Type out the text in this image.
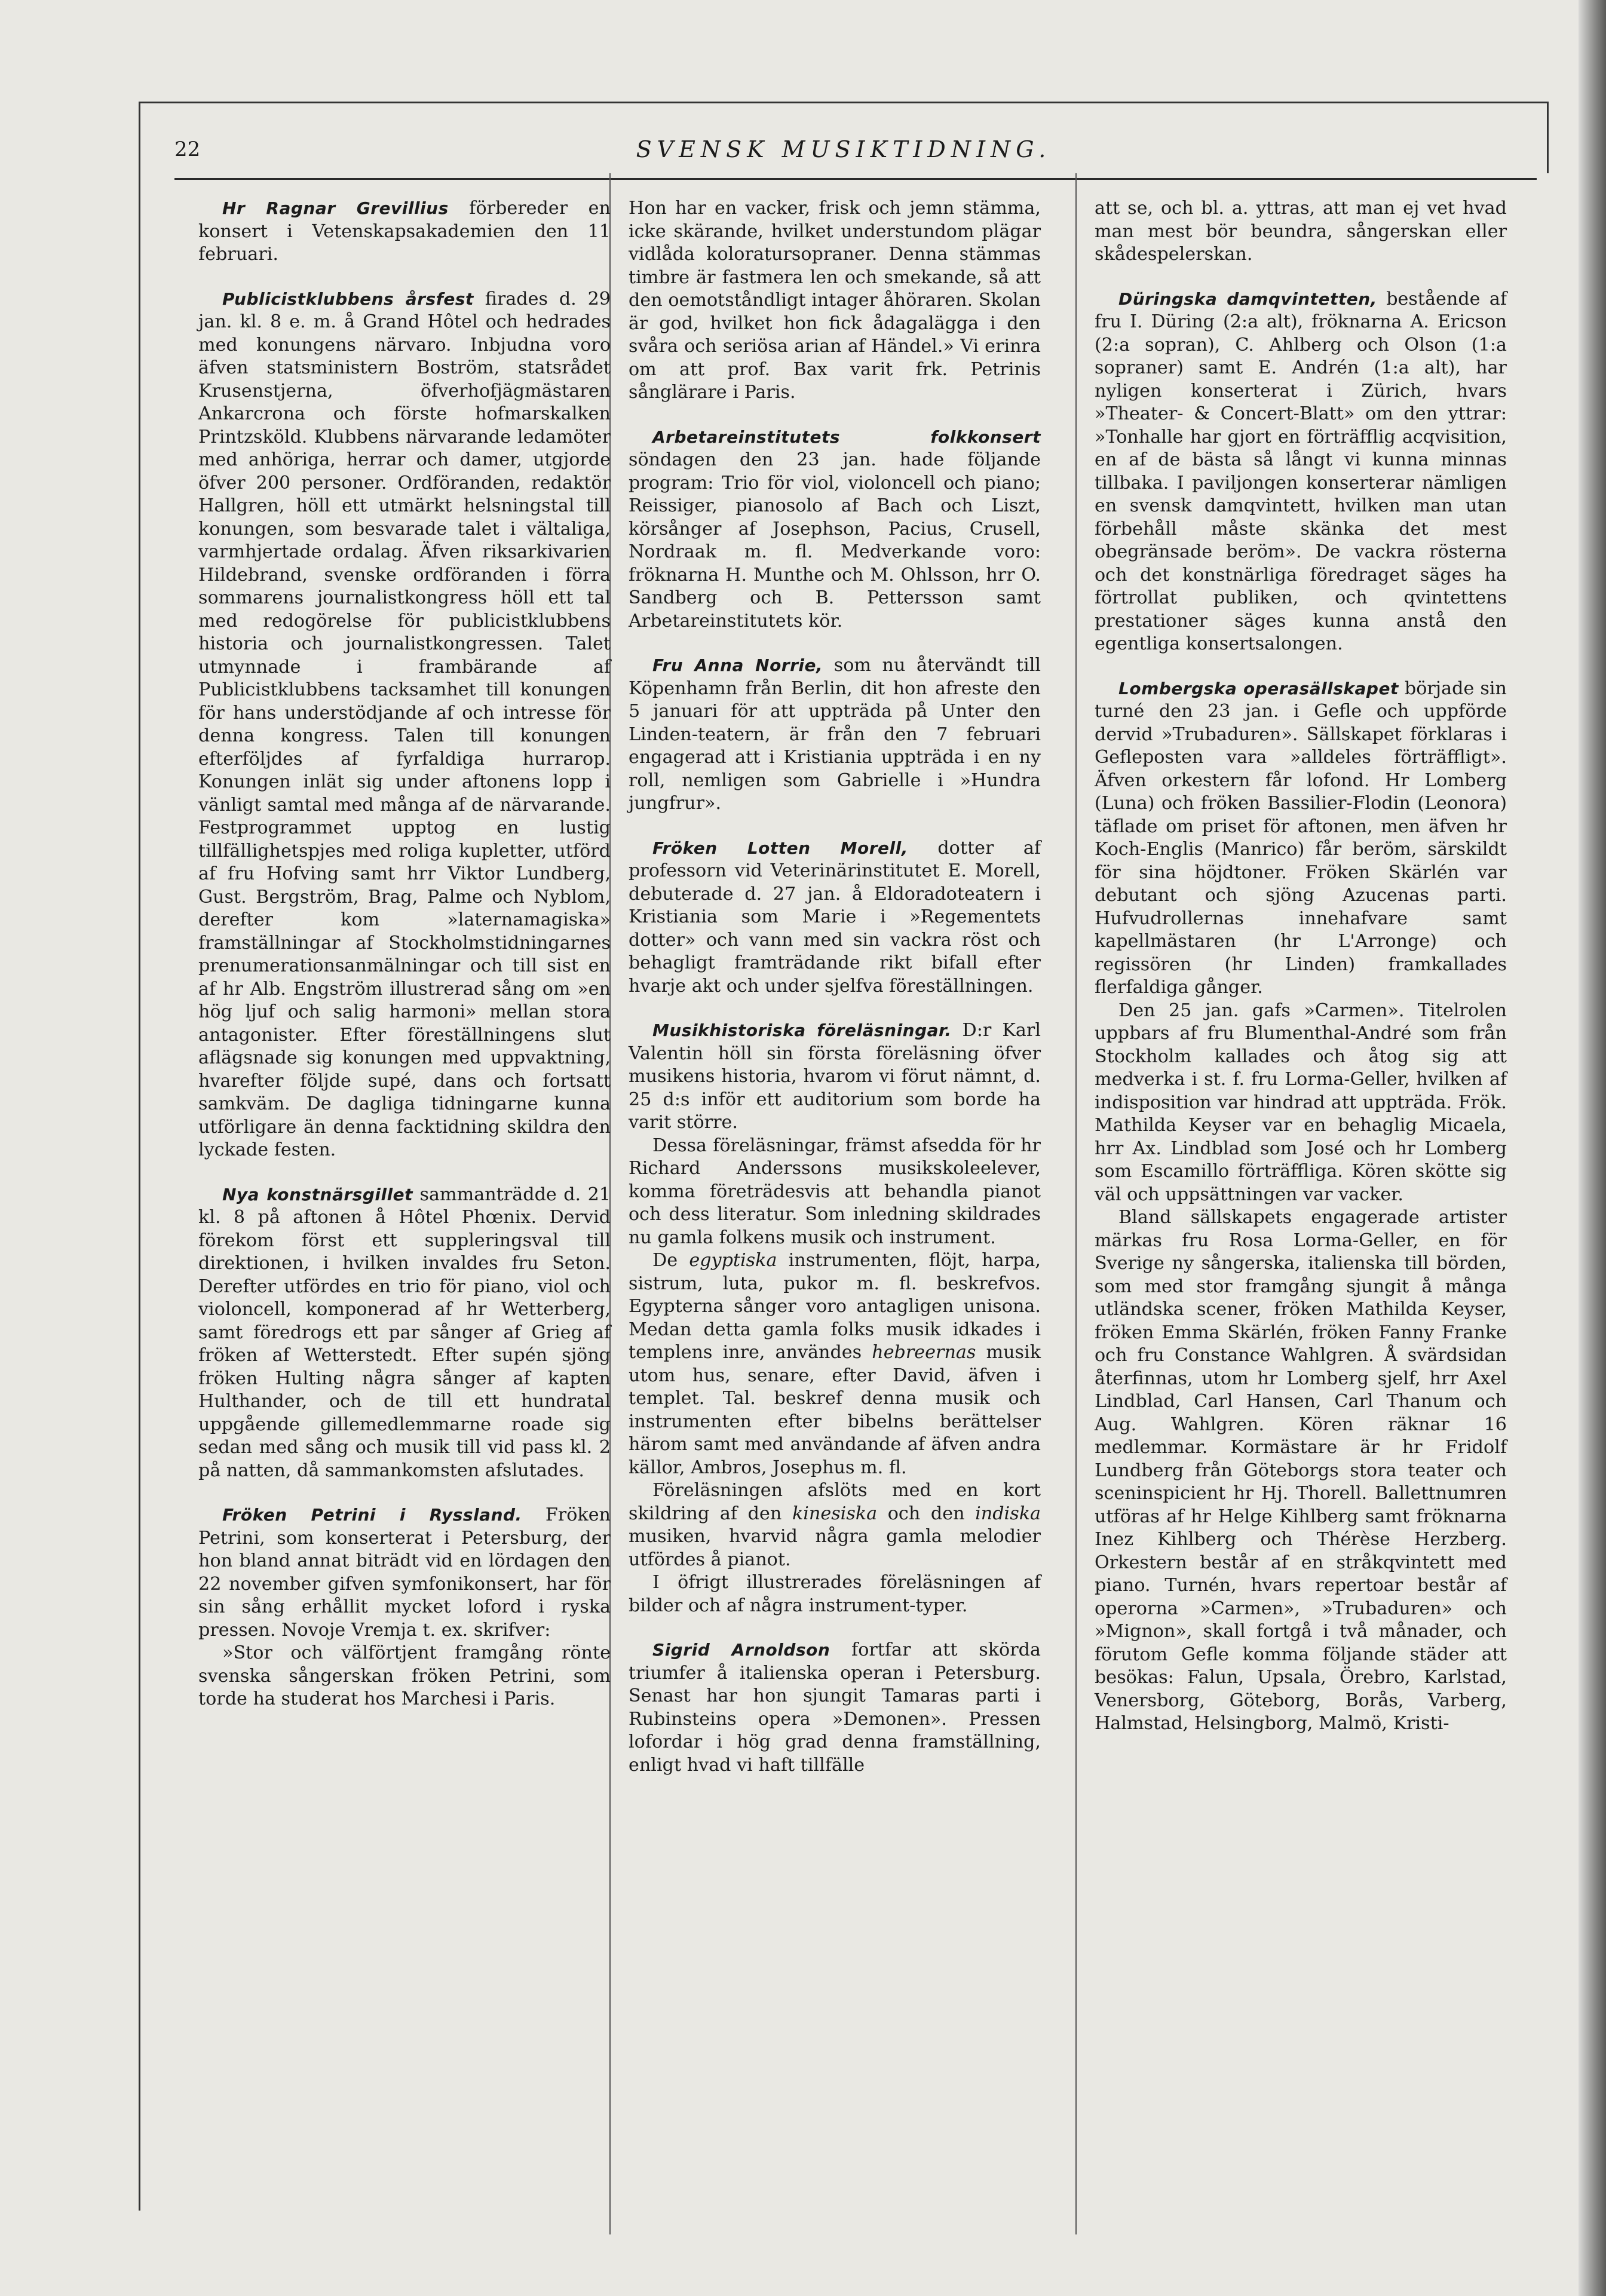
22	SVENSK MUSIKTIDNING.

Hr Ragnar Grevillius förbereder en konsert i Vetenskapsakademien den 11 februari.

Publicistklubbens årsfest firades d. 29 jan. kl. 8 e. m. å Grand Hôtel och hedrades med konungens närvaro. Inbjudna voro äfven statsministern Boström, statsrådet Krusenstjerna, öfverhofjägmästaren Ankarcrona och förste hofmarskalken Printzsköld. Klubbens närvarande ledamöter med anhöriga, herrar och damer, utgjorde öfver 200 personer. Ordföranden, redaktör Hallgren, höll ett utmärkt helsningstal till konungen, som besvarade talet i vältaliga, varmhjertade ordalag. Äfven riksarkivarien Hildebrand, svenske ordföranden i förra sommarens journalistkongress höll ett tal med redogörelse för publicistklubbens historia och journalistkongressen. Talet utmynnade i frambärande af Publicistklubbens tacksamhet till konungen för hans understödjande af och intresse för denna kongress. Talen till konungen efterföljdes af fyrfaldiga hurrarop. Konungen inlät sig under aftonens lopp i vänligt samtal med många af de närvarande. Festprogrammet upptog en lustig tillfällighetspjes med roliga kupletter, utförd af fru Hofving samt hrr Viktor Lundberg, Gust. Bergström, Brag, Palme och Nyblom, derefter kom »laternamagiska» framställningar af Stockholmstidningarnes prenumerationsanmälningar och till sist en af hr Alb. Engström illustrerad sång om »en hög ljuf och salig harmoni» mellan stora antagonister. Efter föreställningens slut aflägsnade sig konungen med uppvaktning, hvarefter följde supé, dans och fortsatt samkväm. De dagliga tidningarne kunna utförligare än denna facktidning skildra den lyckade festen.

Nya konstnärsgillet sammanträdde d. 21 kl. 8 på aftonen å Hôtel Phœnix. Dervid förekom först ett suppleringsval till direktionen, i hvilken invaldes fru Seton. Derefter utfördes en trio för piano, viol och violoncell, komponerad af hr Wetterberg, samt föredrogs ett par sånger af Grieg af fröken af Wetterstedt. Efter supén sjöng fröken Hulting några sånger af kapten Hulthander, och de till ett hundratal uppgående gillemedlemmarne roade sig sedan med sång och musik till vid pass kl. 2 på natten, då sammankomsten afslutades.

Fröken Petrini i Ryssland. Fröken Petrini, som konserterat i Petersburg, der hon bland annat biträdt vid en lördagen den 22 november gifven symfonikonsert, har för sin sång erhållit mycket loford i ryska pressen. Novoje Vremja t. ex. skrifver:

»Stor och välförtjent framgång rönte svenska sångerskan fröken Petrini, som torde ha studerat hos Marchesi i Paris.

Hon har en vacker, frisk och jemn stämma, icke skärande, hvilket understundom plägar vidlåda koloratursopraner. Denna stämmas timbre är fastmera len och smekande, så att den oemotståndligt intager åhöraren. Skolan är god, hvilket hon fick ådagalägga i den svåra och seriösa arian af Händel.» Vi erinra om att prof. Bax varit frk. Petrinis sånglärare i Paris.

Arbetareinstitutets folkkonsert söndagen den 23 jan. hade följande program: Trio för viol, violoncell och piano; Reissiger, pianosolo af Bach och Liszt, körsånger af Josephson, Pacius, Crusell, Nordraak m. fl. Medverkande voro: fröknarna H. Munthe och M. Ohlsson, hrr O. Sandberg och B. Pettersson samt Arbetareinstitutets kör.

Fru Anna Norrie, som nu återvändt till Köpenhamn från Berlin, dit hon afreste den 5 januari för att uppträda på Unter den Linden-teatern, är från den 7 februari engagerad att i Kristiania uppträda i en ny roll, nemligen som Gabrielle i »Hundra jungfrur».

Fröken Lotten Morell, dotter af professorn vid Veterinärinstitutet E. Morell, debuterade d. 27 jan. å Eldoradoteatern i Kristiania som Marie i »Regementets dotter» och vann med sin vackra röst och behagligt framträdande rikt bifall efter hvarje akt och under sjelfva föreställningen.

Musikhistoriska föreläsningar. D:r Karl Valentin höll sin första föreläsning öfver musikens historia, hvarom vi förut nämnt, d. 25 d:s inför ett auditorium som borde ha varit större.

Dessa föreläsningar, främst afsedda för hr Richard Anderssons musikskoleelever, komma företrädesvis att behandla pianot och dess literatur. Som inledning skildrades nu gamla folkens musik och instrument.

De egyptiska instrumenten, flöjt, harpa, sistrum, luta, pukor m. fl. beskrefvos. Egypterna sånger voro antagligen unisona. Medan detta gamla folks musik idkades i templens inre, användes hebreernas musik utom hus, senare, efter David, äfven i templet. Tal. beskref denna musik och instrumenten efter bibelns berättelser härom samt med användande af äfven andra källor, Ambros, Josephus m. fl.

Föreläsningen afslöts med en kort skildring af den kinesiska och den indiska musiken, hvarvid några gamla melodier utfördes å pianot.

I öfrigt illustrerades föreläsningen af bilder och af några instrument-typer.

Sigrid Arnoldson fortfar att skörda triumfer å italienska operan i Petersburg. Senast har hon sjungit Tamaras parti i Rubinsteins opera »Demonen». Pressen lofordar i hög grad denna framställning, enligt hvad vi haft tillfälle

att se, och bl. a. yttras, att man ej vet hvad man mest bör beundra, sångerskan eller skådespelerskan.

Düringska damqvintetten, bestående af fru I. Düring (2:a alt), fröknarna A. Ericson (2:a sopran), C. Ahlberg och Olson (1:a sopraner) samt E. Andrén (1:a alt), har nyligen konserterat i Zürich, hvars »Theater- & Concert-Blatt» om den yttrar: »Tonhalle har gjort en förträfflig acqvisition, en af de bästa så långt vi kunna minnas tillbaka. I paviljongen konserterar nämligen en svensk damqvintett, hvilken man utan förbehåll måste skänka det mest obegränsade beröm». De vackra rösterna och det konstnärliga föredraget säges ha förtrollat publiken, och qvintettens prestationer säges kunna anstå den egentliga konsertsalongen.

Lombergska operasällskapet började sin turné den 23 jan. i Gefle och uppförde dervid »Trubaduren». Sällskapet förklaras i Gefleposten vara »alldeles förträffligt». Äfven orkestern får lofond. Hr Lomberg (Luna) och fröken Bassilier-Flodin (Leonora) täflade om priset för aftonen, men äfven hr Koch-Englis (Manrico) får beröm, särskildt för sina höjdtoner. Fröken Skärlén var debutant och sjöng Azucenas parti. Hufvudrollernas innehafvare samt kapellmästaren (hr L'Arronge) och regissören (hr Linden) framkallades flerfaldiga gånger.

Den 25 jan. gafs »Carmen». Titelrolen uppbars af fru Blumenthal-André som från Stockholm kallades och åtog sig att medverka i st. f. fru Lorma-Geller, hvilken af indisposition var hindrad att uppträda. Frök. Mathilda Keyser var en behaglig Micaela, hrr Ax. Lindblad som José och hr Lomberg som Escamillo förträffliga. Kören skötte sig väl och uppsättningen var vacker.

Bland sällskapets engagerade artister märkas fru Rosa Lorma-Geller, en för Sverige ny sångerska, italienska till börden, som med stor framgång sjungit å många utländska scener, fröken Mathilda Keyser, fröken Emma Skärlén, fröken Fanny Franke och fru Constance Wahlgren. Å svärdsidan återfinnas, utom hr Lomberg sjelf, hrr Axel Lindblad, Carl Hansen, Carl Thanum och Aug. Wahlgren. Kören räknar 16 medlemmar. Kormästare är hr Fridolf Lundberg från Göteborgs stora teater och sceninspicient hr Hj. Thorell. Ballettnumren utföras af hr Helge Kihlberg samt fröknarna Inez Kihlberg och Thérèse Herzberg. Orkestern består af en stråkqvintett med piano. Turnén, hvars repertoar består af operorna »Carmen», »Trubaduren» och »Mignon», skall fortgå i två månader, och förutom Gefle komma följande städer att besökas: Falun, Upsala, Örebro, Karlstad, Venersborg, Göteborg, Borås, Varberg, Halmstad, Helsingborg, Malmö, Kristi-
